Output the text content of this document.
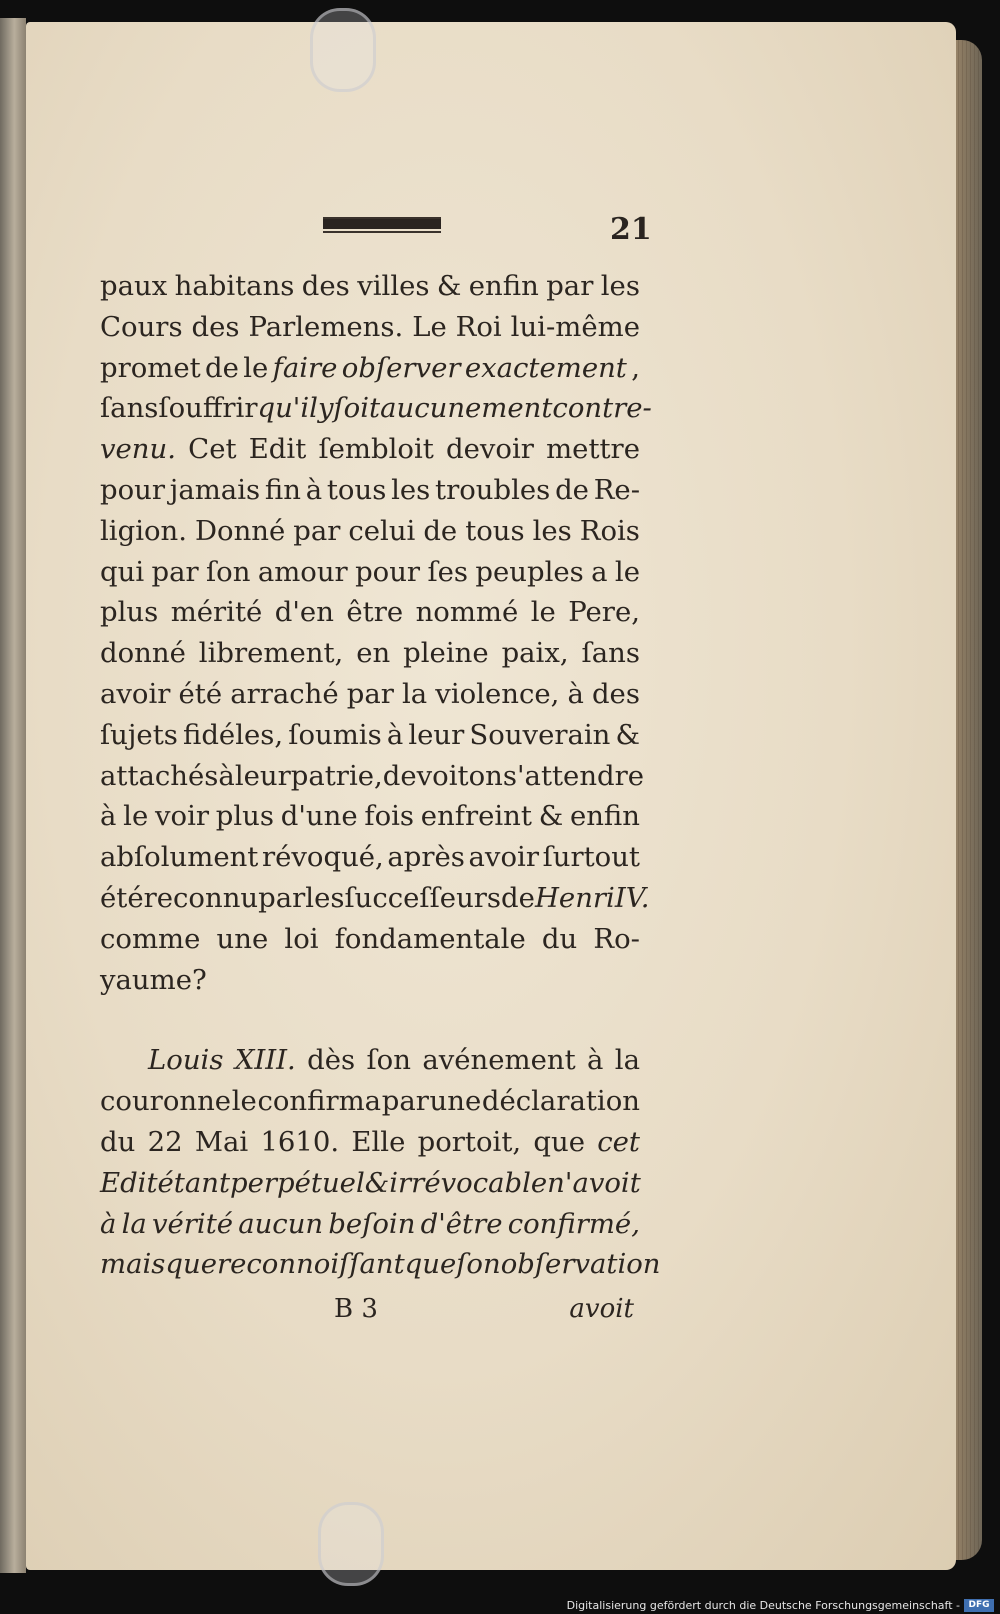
21
paux habitans des villes & enfin par les
Cours des Parlemens. Le Roi lui-même
promet de le faire obſerver exactement ,
ſans ſouffrir qu'il y ſoit aucunement contre-
venu. Cet Edit ſembloit devoir mettre
pour jamais fin à tous les troubles de Re-
ligion. Donné par celui de tous les Rois
qui par ſon amour pour ſes peuples a le
plus mérité d'en être nommé le Pere,
donné librement, en pleine paix, ſans
avoir été arraché par la violence, à des
ſujets fidéles, ſoumis à leur Souverain &
attachés à leur patrie, devoit on s'attendre
à le voir plus d'une fois enfreint & enfin
abſolument révoqué, après avoir ſurtout
été reconnu par les ſucceſſeurs de Henri IV.
comme une loi fondamentale du Ro-
yaume?
Louis XIII. dès ſon avénement à la
couronne le confirma par une déclaration
du 22 Mai 1610. Elle portoit, que cet
Edit étant perpétuel & irrévocable n'avoit
à la vérité aucun beſoin d'être confirmé,
mais que reconnoiſſant que ſon obſervation
B 3	avoit
Digitalisierung gefördert durch die Deutsche Forschungsgemeinschaft - DFG
